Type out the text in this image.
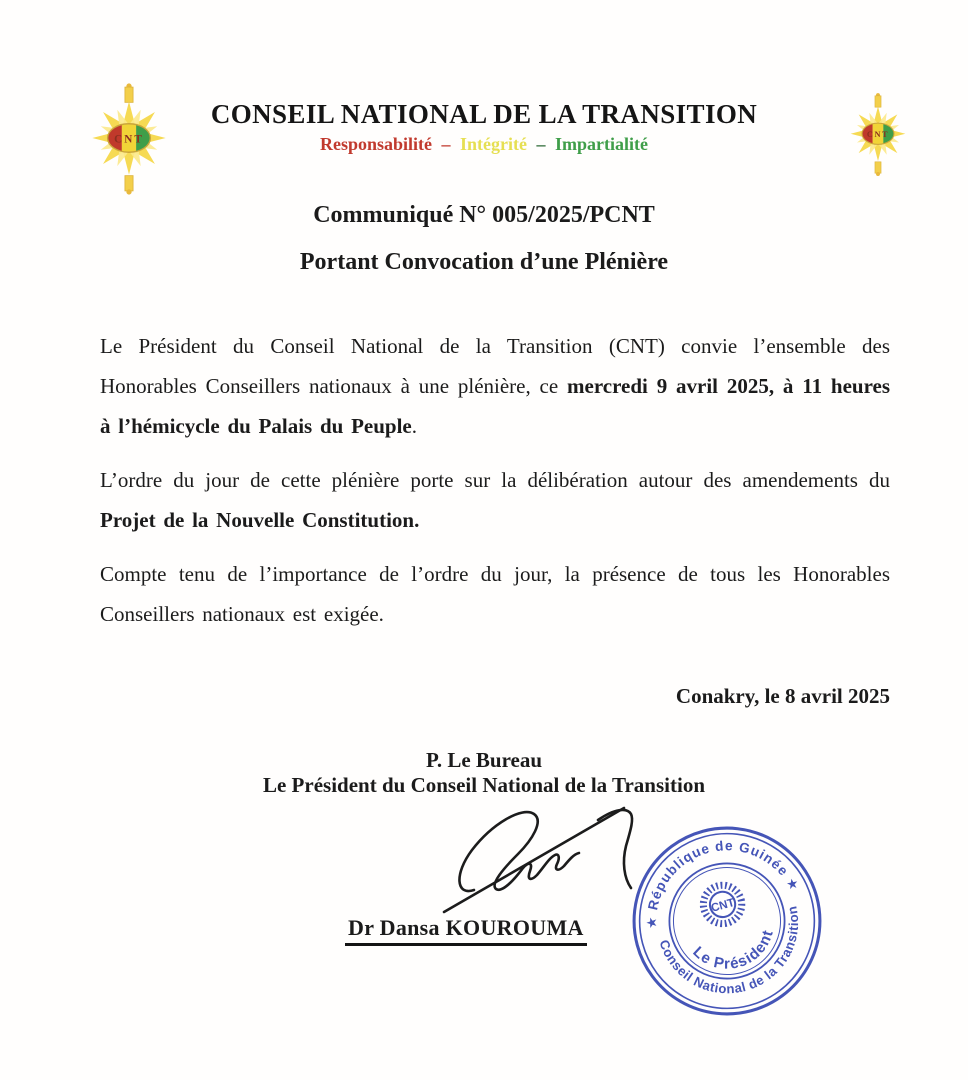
CNT	CNT
CONSEIL NATIONAL DE LA TRANSITION
Responsabilité – Intégrité – Impartialité
Communiqué N° 005/2025/PCNT
Portant Convocation d’une Plénière

Le Président du Conseil National de la Transition (CNT) convie l’ensemble des Honorables Conseillers nationaux à une plénière, ce mercredi 9 avril 2025, à 11 heures à l’hémicycle du Palais du Peuple.

L’ordre du jour de cette plénière porte sur la délibération autour des amendements du Projet de la Nouvelle Constitution.

Compte tenu de l’importance de l’ordre du jour, la présence de tous les Honorables Conseillers nationaux est exigée.

Conakry, le 8 avril 2025
P. Le Bureau
Le Président du Conseil National de la Transition
Dr Dansa KOUROUMA	★ République de Guinée ★
Conseil National de la Transition
Le Président
CNT
